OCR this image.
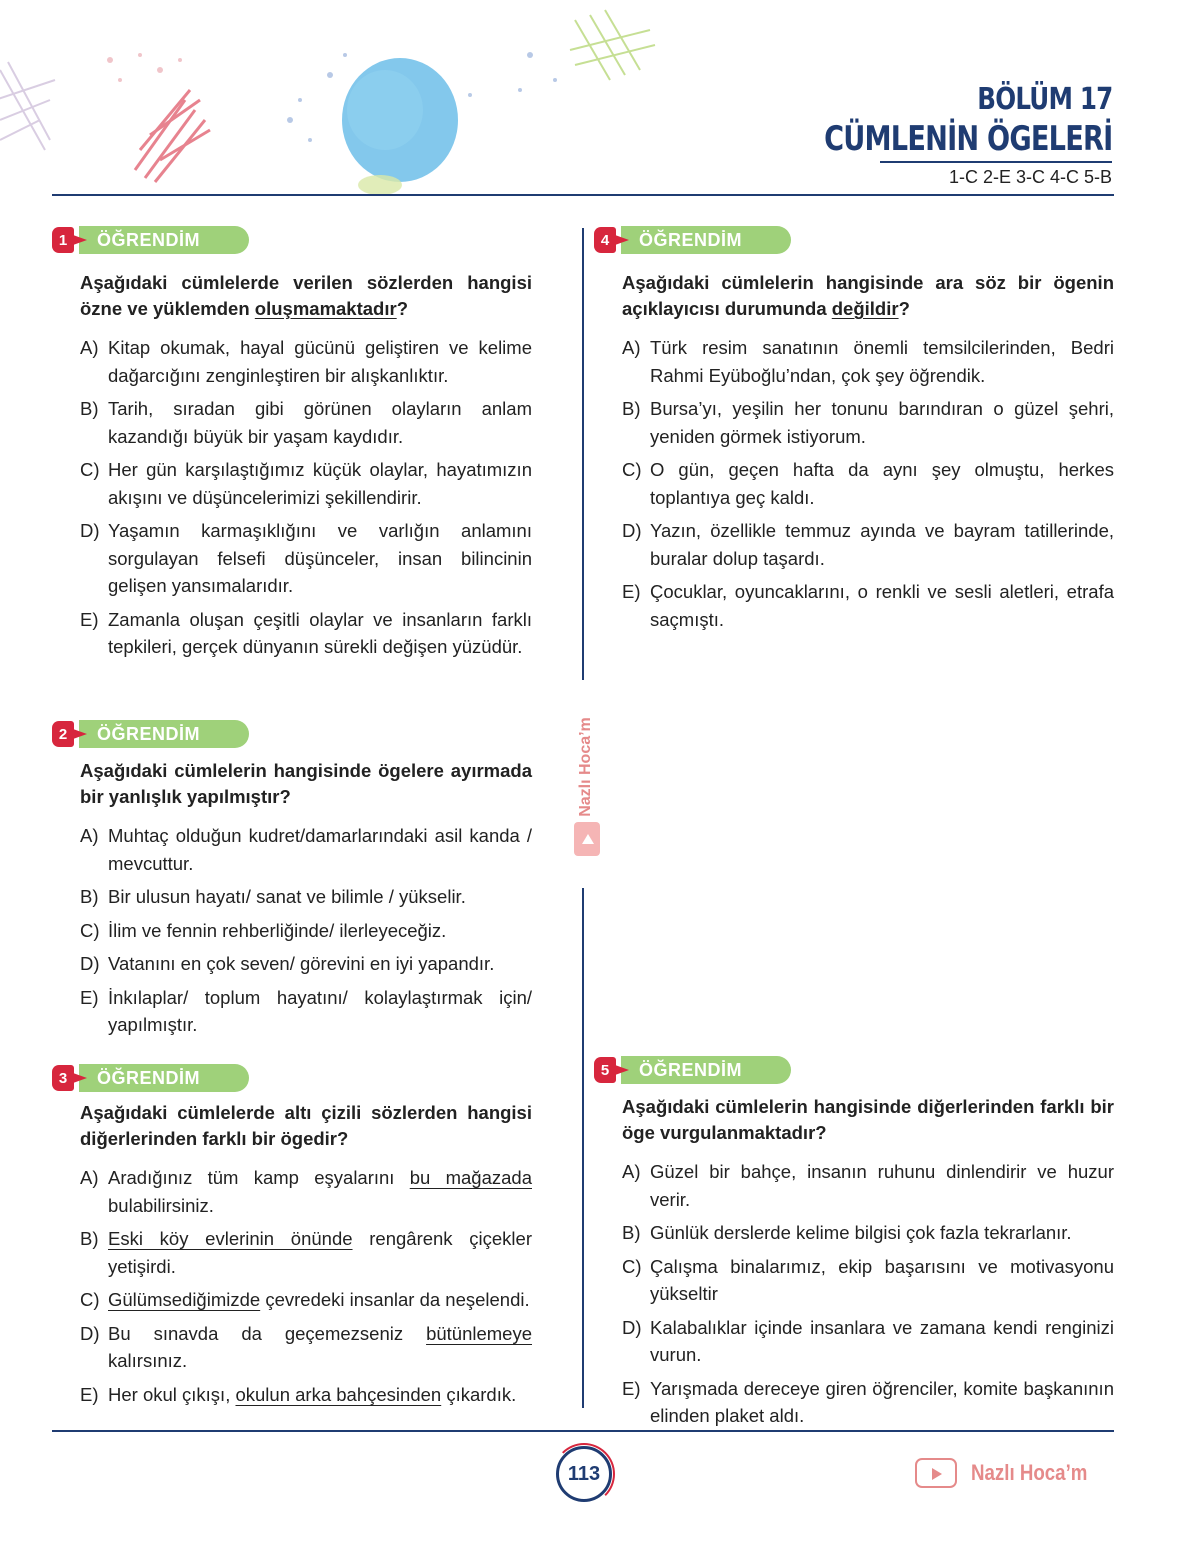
BÖLÜM 17
CÜMLENİN ÖGELERİ
1-C 2-E 3-C 4-C 5-B
Nazlı Hoca’m
1	ÖĞRENDİM
Aşağıdaki cümlelerde verilen sözlerden hangisi özne ve yüklemden oluşmamaktadır?
A) Kitap okumak, hayal gücünü geliştiren ve kelime dağarcığını zenginleştiren bir alışkanlıktır.
B) Tarih, sıradan gibi görünen olayların anlam kazandığı büyük bir yaşam kaydıdır.
C) Her gün karşılaştığımız küçük olaylar, hayatımızın akışını ve düşüncelerimizi şekillendirir.
D) Yaşamın karmaşıklığını ve varlığın anlamını sorgulayan felsefi düşünceler, insan bilincinin gelişen yansımalarıdır.
E) Zamanla oluşan çeşitli olaylar ve insanların farklı tepkileri, gerçek dünyanın sürekli değişen yüzüdür.
2	ÖĞRENDİM
Aşağıdaki cümlelerin hangisinde ögelere ayırmada bir yanlışlık yapılmıştır?
A) Muhtaç olduğun kudret/damarlarındaki asil kanda / mevcuttur.
B) Bir ulusun hayatı/ sanat ve bilimle / yükselir.
C) İlim ve fennin rehberliğinde/ ilerleyeceğiz.
D) Vatanını en çok seven/ görevini en iyi yapandır.
E) İnkılaplar/ toplum hayatını/ kolaylaştırmak için/ yapılmıştır.
3	ÖĞRENDİM
Aşağıdaki cümlelerde altı çizili sözlerden hangisi diğerlerinden farklı bir ögedir?
A) Aradığınız tüm kamp eşyalarını bu mağazada bulabilirsiniz.
B) Eski köy evlerinin önünde rengârenk çiçekler yetişirdi.
C) Gülümsediğimizde çevredeki insanlar da neşelendi.
D) Bu sınavda da geçemezseniz bütünlemeye kalırsınız.
E) Her okul çıkışı, okulun arka bahçesinden çıkardık.
4	ÖĞRENDİM
Aşağıdaki cümlelerin hangisinde ara söz bir ögenin açıklayıcısı durumunda değildir?
A) Türk resim sanatının önemli temsilcilerinden, Bedri Rahmi Eyüboğlu’ndan, çok şey öğrendik.
B) Bursa’yı, yeşilin her tonunu barındıran o güzel şehri, yeniden görmek istiyorum.
C) O gün, geçen hafta da aynı şey olmuştu, herkes toplantıya geç kaldı.
D) Yazın, özellikle temmuz ayında ve bayram tatillerinde, buralar dolup taşardı.
E) Çocuklar, oyuncaklarını, o renkli ve sesli aletleri, etrafa saçmıştı.
5	ÖĞRENDİM
Aşağıdaki cümlelerin hangisinde diğerlerinden farklı bir öge vurgulanmaktadır?
A) Güzel bir bahçe, insanın ruhunu dinlendirir ve huzur verir.
B) Günlük derslerde kelime bilgisi çok fazla tekrarlanır.
C) Çalışma binalarımız, ekip başarısını ve motivasyonu yükseltir
D) Kalabalıklar içinde insanlara ve zamana kendi renginizi vurun.
E) Yarışmada dereceye giren öğrenciler, komite başkanının elinden plaket aldı.
113	Nazlı Hoca’m
